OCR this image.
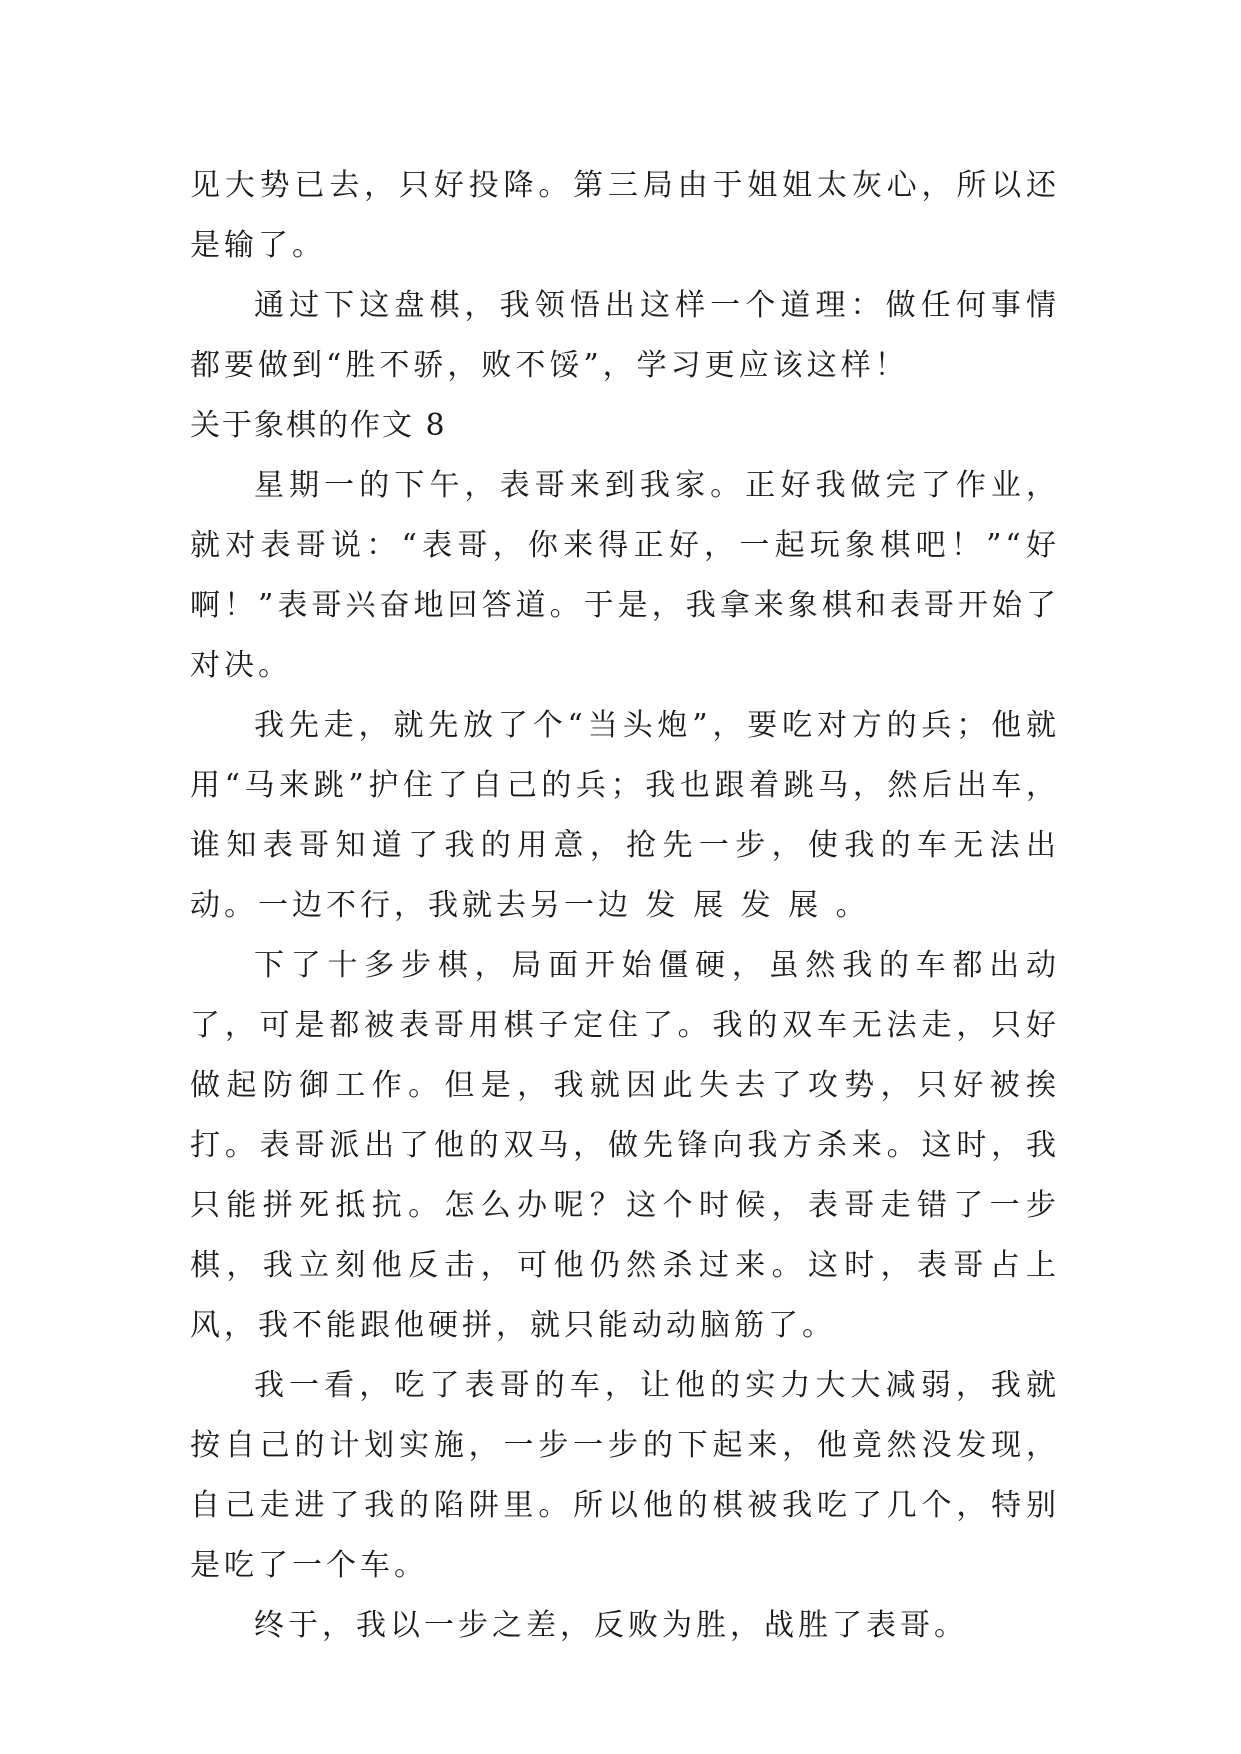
见大势已去，只好投降。第三局由于姐姐太灰心，所以还是输了。

通过下这盘棋，我领悟出这样一个道理：做任何事情都要做到“胜不骄，败不馁”，学习更应该这样！

关于象棋的作文 8

星期一的下午，表哥来到我家。正好我做完了作业，就对表哥说：“表哥，你来得正好，一起玩象棋吧！”“好啊！”表哥兴奋地回答道。于是，我拿来象棋和表哥开始了对决。

我先走，就先放了个“当头炮”，要吃对方的兵；他就用“马来跳”护住了自己的兵；我也跟着跳马，然后出车，谁知表哥知道了我的用意，抢先一步，使我的车无法出动。一边不行，我就去另一边 发 展 发 展 。

下了十多步棋，局面开始僵硬，虽然我的车都出动了，可是都被表哥用棋子定住了。我的双车无法走，只好做起防御工作。但是，我就因此失去了攻势，只好被挨打。表哥派出了他的双马，做先锋向我方杀来。这时，我只能拼死抵抗。怎么办呢？这个时候，表哥走错了一步棋，我立刻他反击，可他仍然杀过来。这时，表哥占上风，我不能跟他硬拼，就只能动动脑筋了。

我一看，吃了表哥的车，让他的实力大大减弱，我就按自己的计划实施，一步一步的下起来，他竟然没发现，自己走进了我的陷阱里。所以他的棋被我吃了几个，特别是吃了一个车。

终于，我以一步之差，反败为胜，战胜了表哥。
